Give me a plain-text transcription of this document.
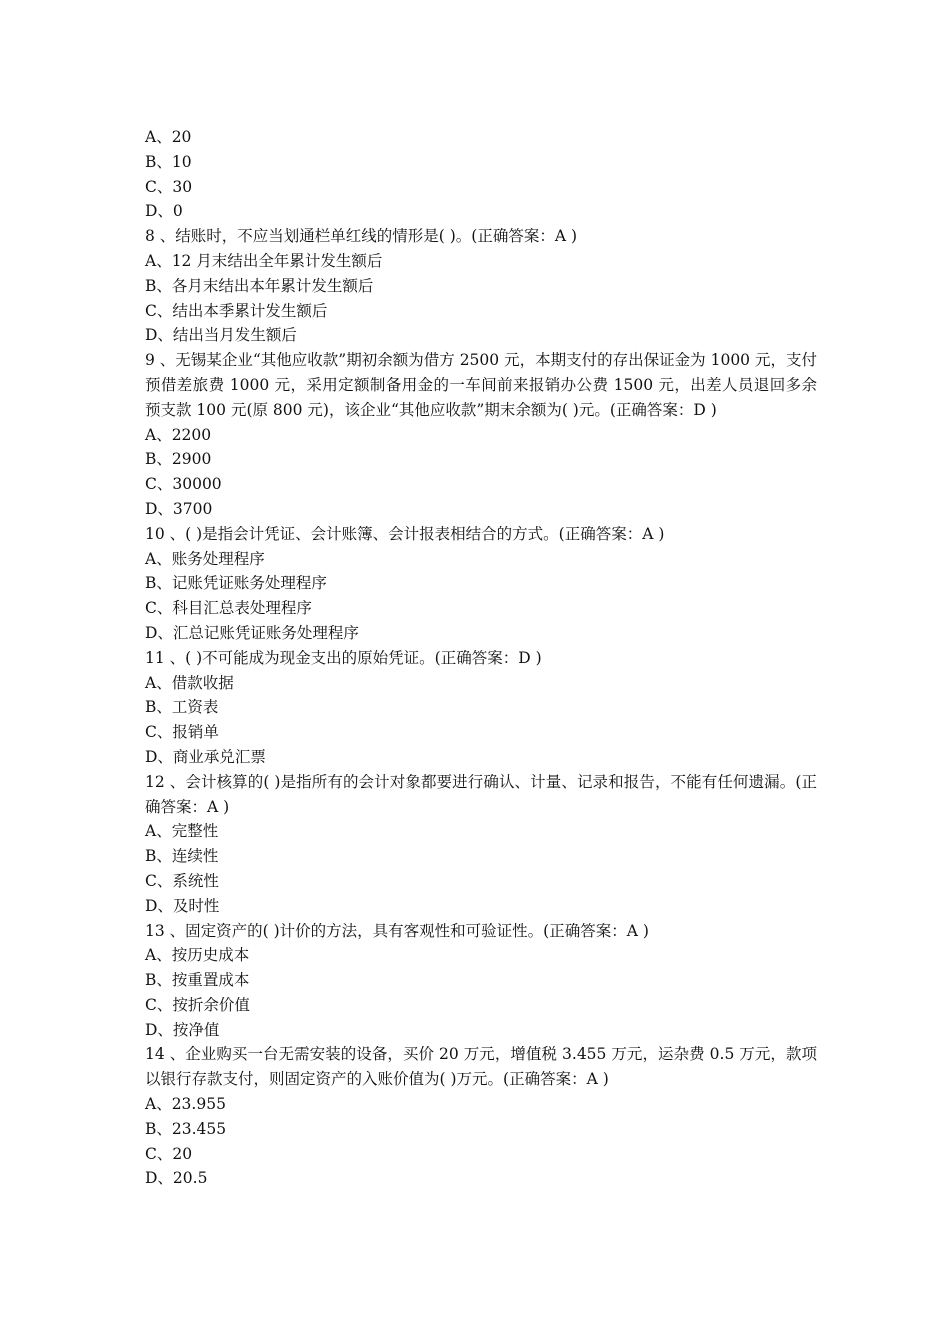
A、20

B、10

C、30

D、0

8 、结账时，不应当划通栏单红线的情形是( )。(正确答案：A )

A、12 月末结出全年累计发生额后

B、各月末结出本年累计发生额后

C、结出本季累计发生额后

D、结出当月发生额后

9 、无锡某企业“其他应收款”期初余额为借方 2500 元，本期支付的存出保证金为 1000 元，支付预借差旅费 1000 元，采用定额制备用金的一车间前来报销办公费 1500 元，出差人员退回多余预支款 100 元(原 800 元)，该企业“其他应收款”期末余额为( )元。(正确答案：D )

A、2200

B、2900

C、30000

D、3700

10 、( )是指会计凭证、会计账簿、会计报表相结合的方式。(正确答案：A )

A、账务处理程序

B、记账凭证账务处理程序

C、科目汇总表处理程序

D、汇总记账凭证账务处理程序

11 、( )不可能成为现金支出的原始凭证。(正确答案：D )

A、借款收据

B、工资表

C、报销单

D、商业承兑汇票

12 、会计核算的( )是指所有的会计对象都要进行确认、计量、记录和报告，不能有任何遗漏。(正确答案：A )

A、完整性

B、连续性

C、系统性

D、及时性

13 、固定资产的( )计价的方法，具有客观性和可验证性。(正确答案：A )

A、按历史成本

B、按重置成本

C、按折余价值

D、按净值

14 、企业购买一台无需安装的设备，买价 20 万元，增值税 3.455 万元，运杂费 0.5 万元，款项以银行存款支付，则固定资产的入账价值为( )万元。(正确答案：A )

A、23.955

B、23.455

C、20

D、20.5
